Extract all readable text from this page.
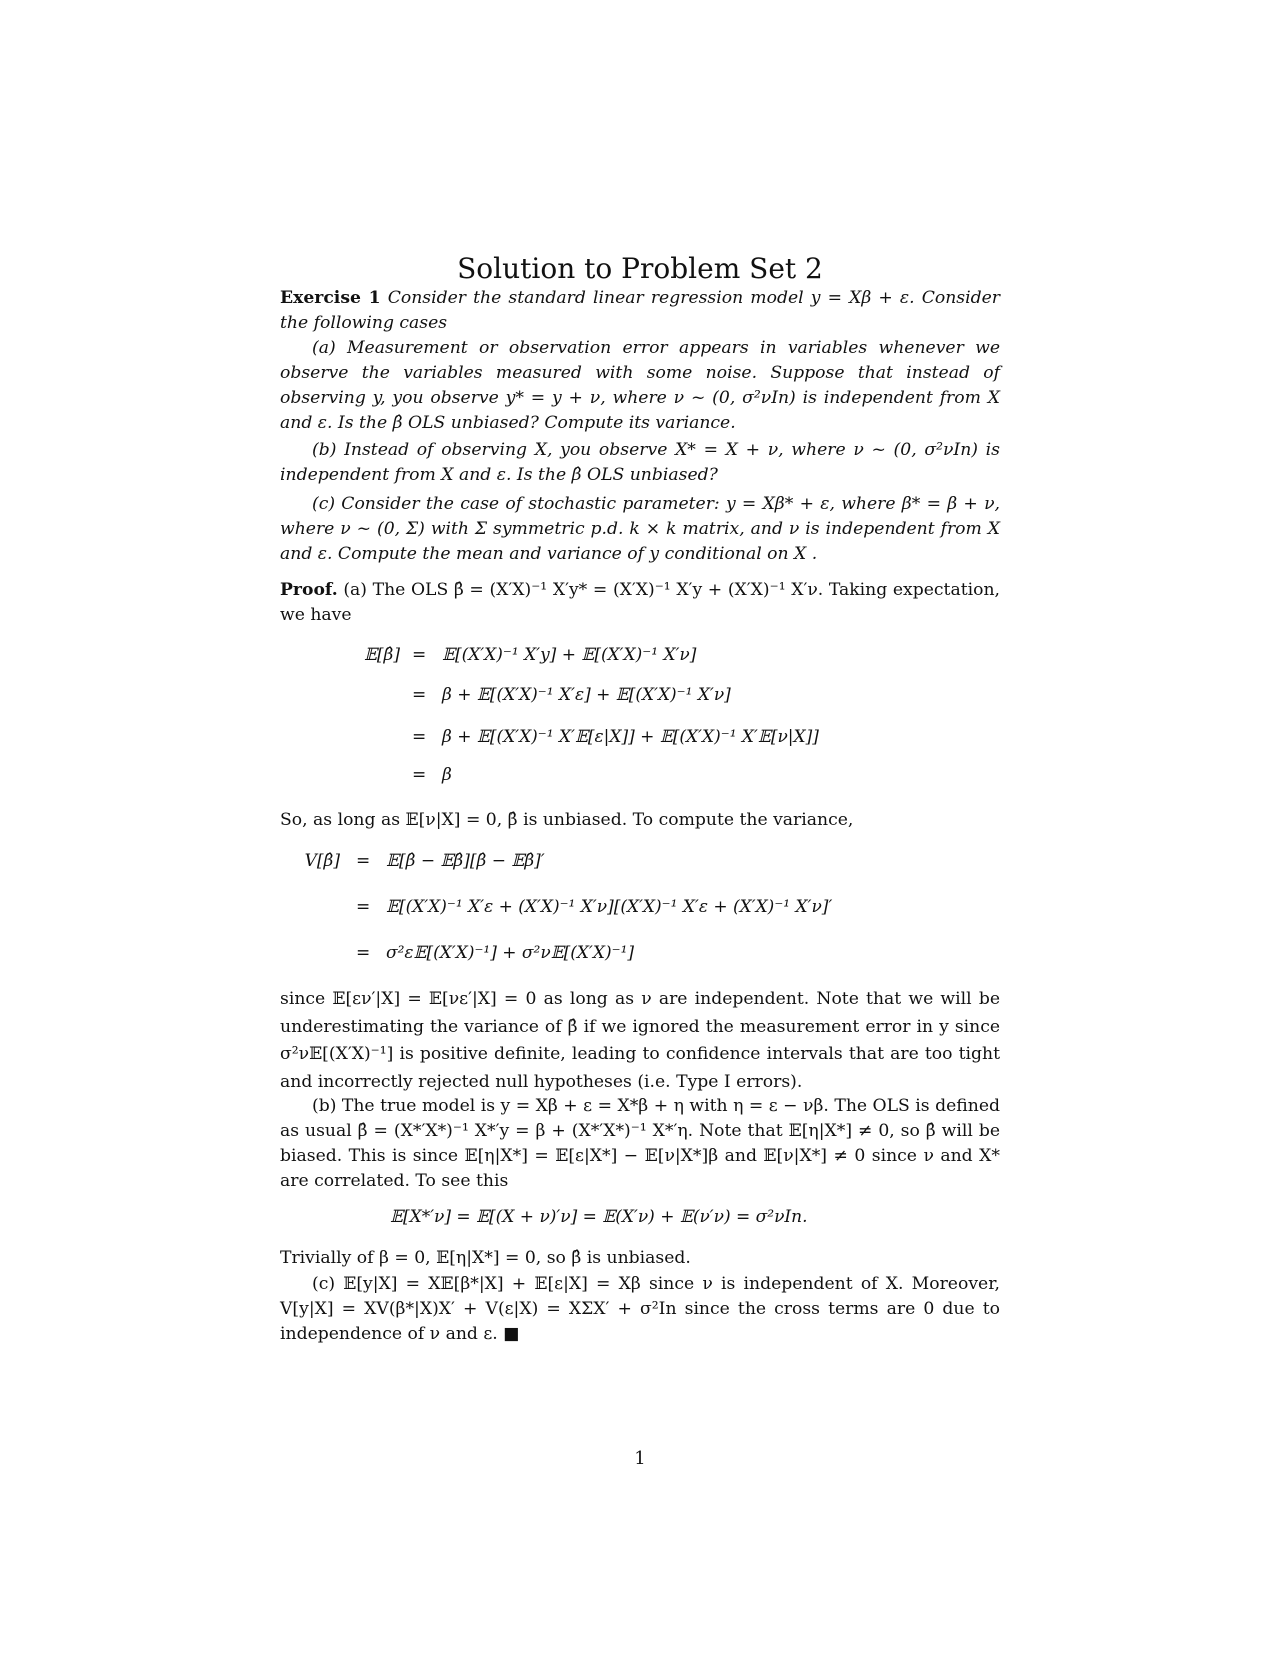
Solution to Problem Set 2
Exercise 1 Consider the standard linear regression model y = Xβ + ε. Consider the following cases
(a) Measurement or observation error appears in variables whenever we observe the variables measured with some noise. Suppose that instead of observing y, you observe y* = y + ν, where ν ~ (0, σ²νIn) is independent from X and ε. Is the β̂ OLS unbiased? Compute its variance.
(b) Instead of observing X, you observe X* = X + ν, where ν ~ (0, σ²νIn) is independent from X and ε. Is the β̂ OLS unbiased?
(c) Consider the case of stochastic parameter: y = Xβ* + ε, where β* = β + ν, where ν ~ (0, Σ) with Σ symmetric p.d. k × k matrix, and ν is independent from X and ε. Compute the mean and variance of y conditional on X .
Proof. (a) The OLS β̂ = (X′X)⁻¹ X′y* = (X′X)⁻¹ X′y + (X′X)⁻¹ X′ν. Taking expectation, we have
𝔼[β̂] = 𝔼[(X′X)⁻¹ X′y] + 𝔼[(X′X)⁻¹ X′ν]
= β + 𝔼[(X′X)⁻¹ X′ε] + 𝔼[(X′X)⁻¹ X′ν]
= β + 𝔼[(X′X)⁻¹ X′𝔼[ε|X]] + 𝔼[(X′X)⁻¹ X′𝔼[ν|X]]
= β
So, as long as 𝔼[ν|X] = 0, β̂ is unbiased. To compute the variance,
V[β̂] = 𝔼[β̂ − 𝔼β̂][β̂ − 𝔼β̂]′
= 𝔼[(X′X)⁻¹ X′ε + (X′X)⁻¹ X′ν][(X′X)⁻¹ X′ε + (X′X)⁻¹ X′ν]′
= σ²ε𝔼[(X′X)⁻¹] + σ²ν𝔼[(X′X)⁻¹]
since 𝔼[εν′|X] = 𝔼[νε′|X] = 0 as long as ν are independent. Note that we will be underestimating the variance of β̂ if we ignored the measurement error in y since σ²ν𝔼[(X′X)⁻¹] is positive definite, leading to confidence intervals that are too tight and incorrectly rejected null hypotheses (i.e. Type I errors).
(b) The true model is y = Xβ + ε = X*β + η with η = ε − νβ. The OLS is defined as usual β̂ = (X*′X*)⁻¹ X*′y = β + (X*′X*)⁻¹ X*′η. Note that 𝔼[η|X*] ≠ 0, so β̂ will be biased. This is since 𝔼[η|X*] = 𝔼[ε|X*] − 𝔼[ν|X*]β and 𝔼[ν|X*] ≠ 0 since ν and X* are correlated. To see this
𝔼[X*′ν] = 𝔼[(X + ν)′ν] = 𝔼(X′ν) + 𝔼(ν′ν) = σ²νIn.
Trivially of β = 0, 𝔼[η|X*] = 0, so β̂ is unbiased.
(c) 𝔼[y|X] = X𝔼[β*|X] + 𝔼[ε|X] = Xβ since ν is independent of X. Moreover, V[y|X] = XV(β*|X)X′ + V(ε|X) = XΣX′ + σ²In since the cross terms are 0 due to independence of ν and ε. ■
1
